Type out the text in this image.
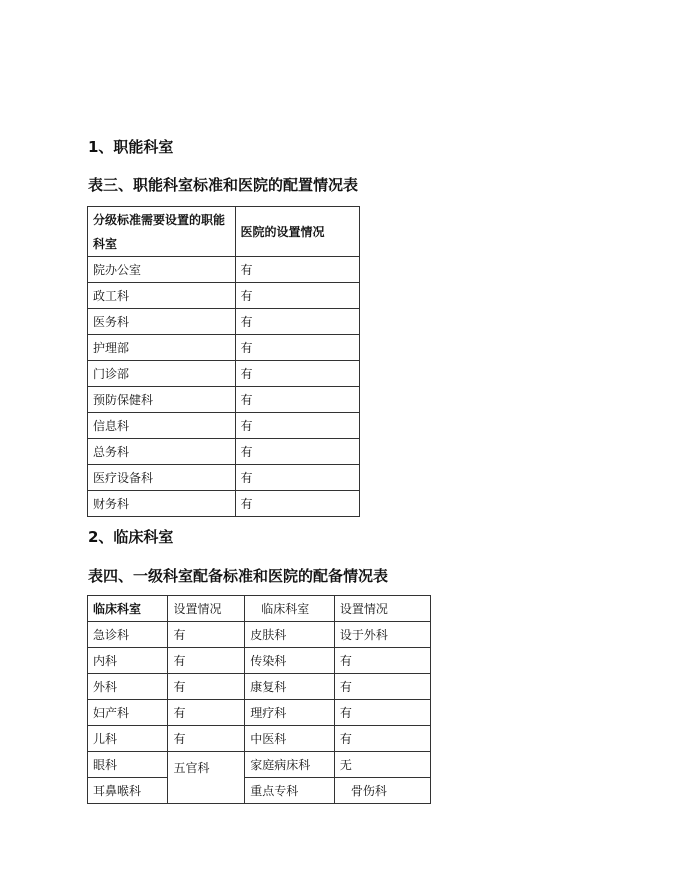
1、职能科室
表三、职能科室标准和医院的配置情况表
分级标准需要设置的职能科室	医院的设置情况
院办公室	有
政工科	有
医务科	有
护理部	有
门诊部	有
预防保健科	有
信息科	有
总务科	有
医疗设备科	有
财务科	有
2、临床科室
表四、一级科室配备标准和医院的配备情况表
临床科室	设置情况	临床科室	设置情况
急诊科	有	皮肤科	设于外科
内科	有	传染科	有
外科	有	康复科	有
妇产科	有	理疗科	有
儿科	有	中医科	有
眼科	五官科	家庭病床科	无
耳鼻喉科		重点专科	骨伤科
